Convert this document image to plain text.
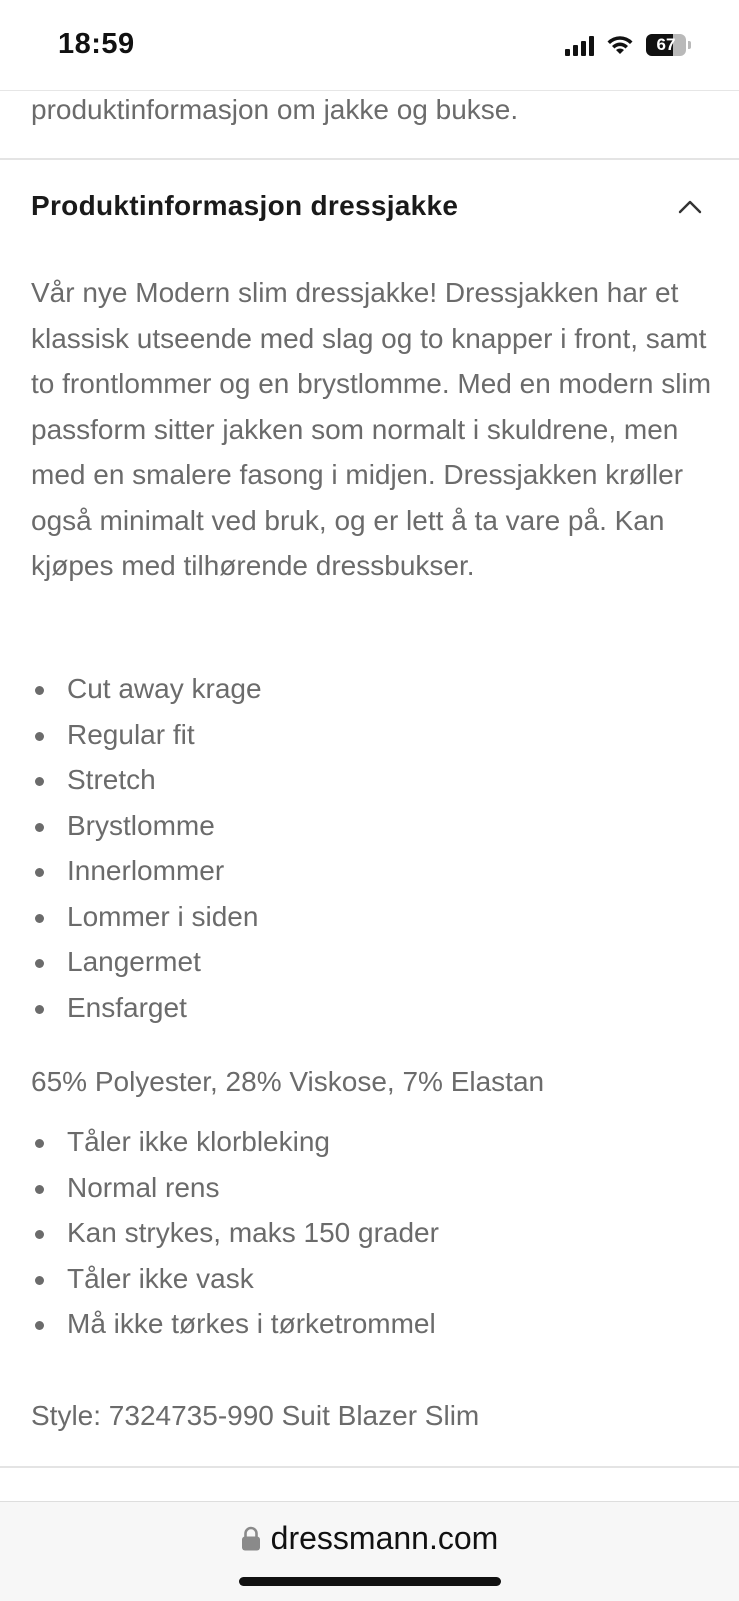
18:59	67
produktinformasjon om jakke og bukse.
Produktinformasjon dressjakke

Vår nye Modern slim dressjakke! Dressjakken har et klassisk utseende med slag og to knapper i front, samt to frontlommer og en brystlomme. Med en modern slim passform sitter jakken som normalt i skuldrene, men med en smalere fasong i midjen. Dressjakken krøller også minimalt ved bruk, og er lett å ta vare på. Kan kjøpes med tilhørende dressbukser.

Cut away krage
Regular fit
Stretch
Brystlomme
Innerlommer
Lommer i siden
Langermet
Ensfarget
65% Polyester, 28% Viskose, 7% Elastan
Tåler ikke klorbleking
Normal rens
Kan strykes, maks 150 grader
Tåler ikke vask
Må ikke tørkes i tørketrommel
Style: 7324735-990 Suit Blazer Slim
dressmann.com
